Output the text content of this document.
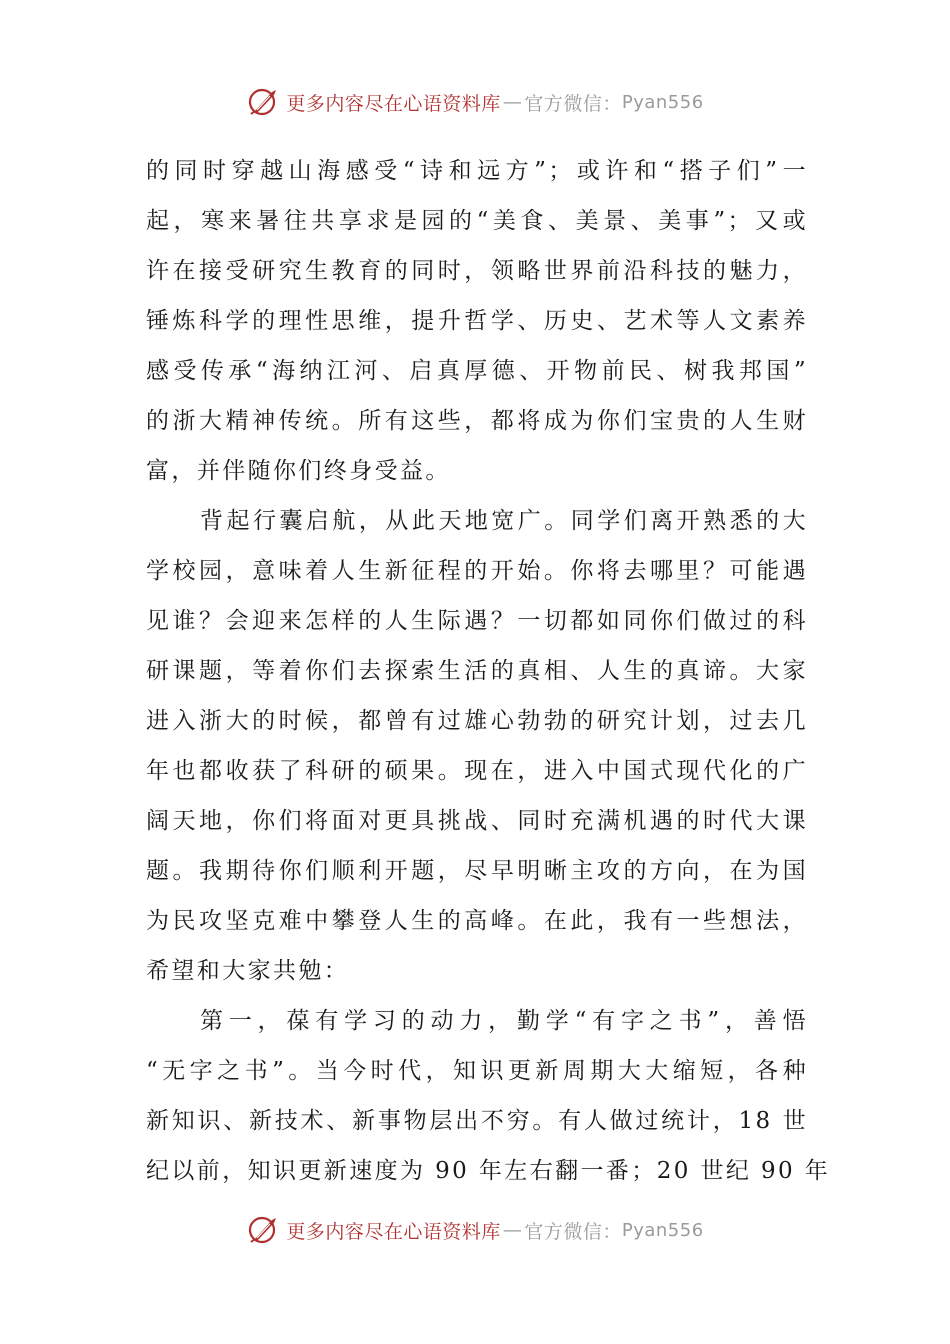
更多内容尽在心语资料库 — 官方微信： Pyan556
的同时穿越山海感受“诗和远方”；或许和“搭子们”一
起，寒来暑往共享求是园的“美食、美景、美事”；又或
许在接受研究生教育的同时，领略世界前沿科技的魅力，
锤炼科学的理性思维，提升哲学、历史、艺术等人文素养
感受传承“海纳江河、启真厚德、开物前民、树我邦国”
的浙大精神传统。所有这些，都将成为你们宝贵的人生财
富，并伴随你们终身受益。
背起行囊启航，从此天地宽广。同学们离开熟悉的大
学校园，意味着人生新征程的开始。你将去哪里？可能遇
见谁？会迎来怎样的人生际遇？一切都如同你们做过的科
研课题，等着你们去探索生活的真相、人生的真谛。大家
进入浙大的时候，都曾有过雄心勃勃的研究计划，过去几
年也都收获了科研的硕果。现在，进入中国式现代化的广
阔天地，你们将面对更具挑战、同时充满机遇的时代大课
题。我期待你们顺利开题，尽早明晰主攻的方向，在为国
为民攻坚克难中攀登人生的高峰。在此，我有一些想法，
希望和大家共勉：
第一，葆有学习的动力，勤学“有字之书”，善悟
“无字之书”。当今时代，知识更新周期大大缩短，各种
新知识、新技术、新事物层出不穷。有人做过统计，18 世
纪以前，知识更新速度为 90 年左右翻一番；20 世纪 90 年
更多内容尽在心语资料库 — 官方微信： Pyan556
